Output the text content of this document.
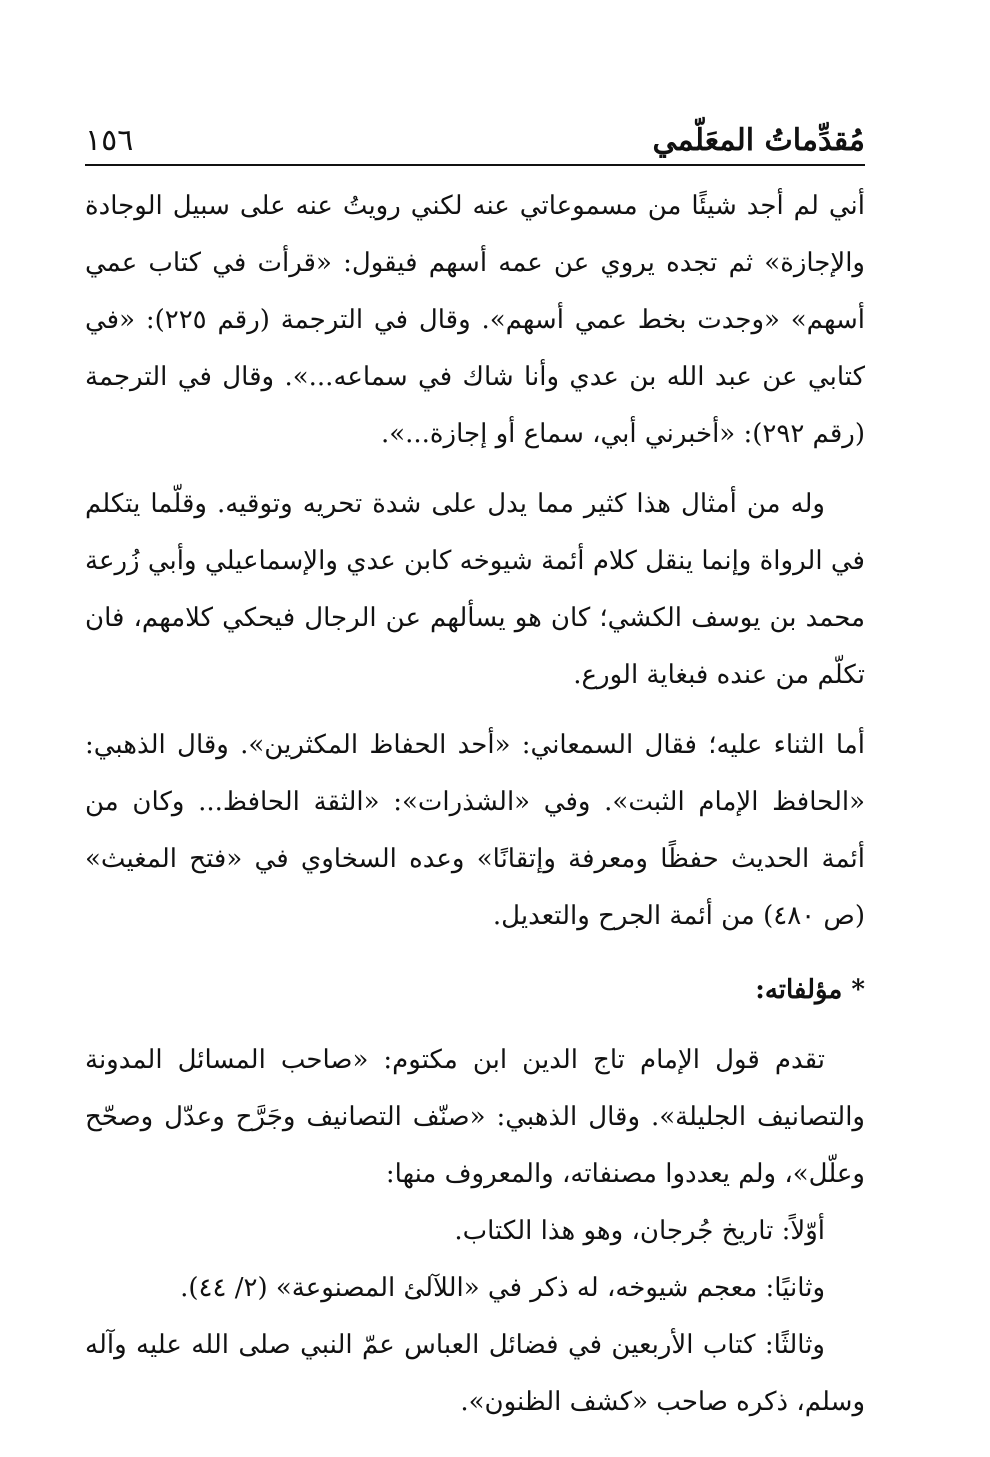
مُقدِّماتُ المعَلّمي
١٥٦

أني لم أجد شيئًا من مسموعاتي عنه لكني رويتُ عنه على سبيل الوجادة والإجازة» ثم تجده يروي عن عمه أسهم فيقول: «قرأت في كتاب عمي أسهم» «وجدت بخط عمي أسهم». وقال في الترجمة (رقم ٢٢٥): «في كتابي عن عبد الله بن عدي وأنا شاك في سماعه...». وقال في الترجمة (رقم ٢٩٢): «أخبرني أبي، سماع أو إجازة...».

وله من أمثال هذا كثير مما يدل على شدة تحريه وتوقيه. وقلّما يتكلم في الرواة وإنما ينقل كلام أئمة شيوخه كابن عدي والإسماعيلي وأبي زُرعة محمد بن يوسف الكشي؛ كان هو يسألهم عن الرجال فيحكي كلامهم، فان تكلّم من عنده فبغاية الورع.

أما الثناء عليه؛ فقال السمعاني: «أحد الحفاظ المكثرين». وقال الذهبي: «الحافظ الإمام الثبت». وفي «الشذرات»: «الثقة الحافظ... وكان من أئمة الحديث حفظًا ومعرفة وإتقانًا» وعده السخاوي في «فتح المغيث» (ص ٤٨٠) من أئمة الجرح والتعديل.

* مؤلفاته:

تقدم قول الإمام تاج الدين ابن مكتوم: «صاحب المسائل المدونة والتصانيف الجليلة». وقال الذهبي: «صنّف التصانيف وجَرَّح وعدّل وصحّح وعلّل»، ولم يعددوا مصنفاته، والمعروف منها:

أوّلاً: تاريخ جُرجان، وهو هذا الكتاب.

وثانيًا: معجم شيوخه، له ذكر في «اللآلئ المصنوعة» (٢/ ٤٤).

وثالثًا: كتاب الأربعين في فضائل العباس عمّ النبي صلى الله عليه وآله وسلم، ذكره صاحب «كشف الظنون».
